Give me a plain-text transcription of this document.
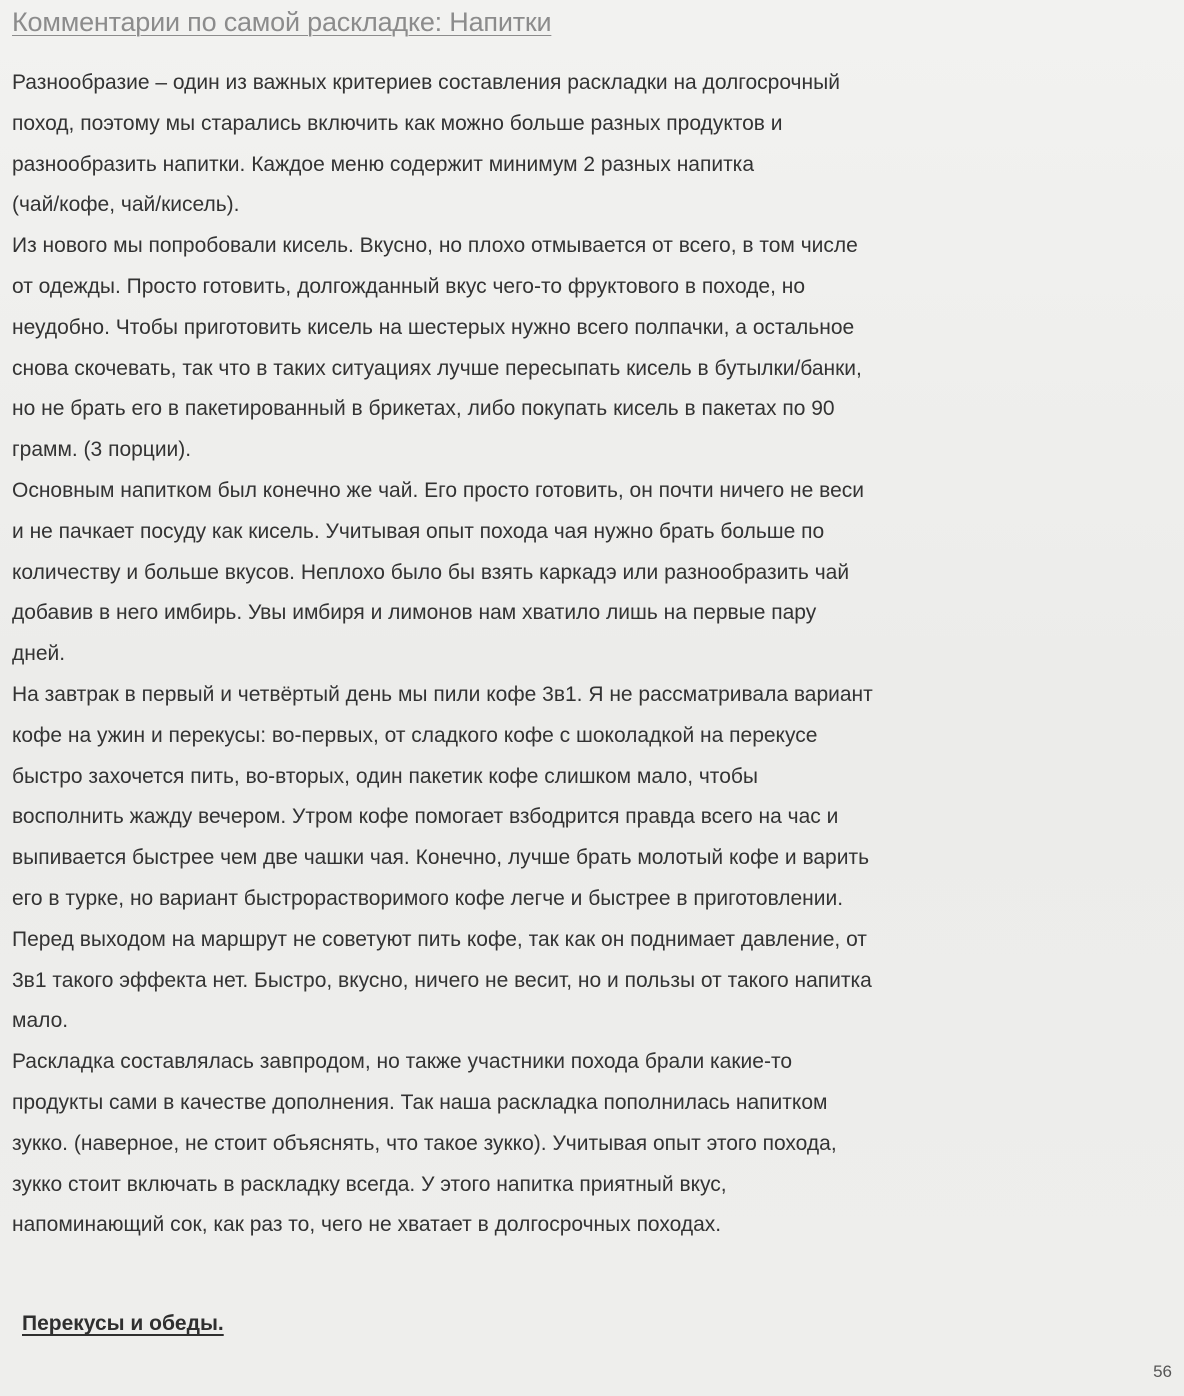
Комментарии по самой раскладке: Напитки

Разнообразие – один из важных критериев составления раскладки на долгосрочный
поход, поэтому мы старались включить как можно больше разных продуктов и
разнообразить напитки. Каждое меню содержит минимум 2 разных напитка
(чай/кофе, чай/кисель).

Из нового мы попробовали кисель. Вкусно, но плохо отмывается от всего, в том числе
от одежды. Просто готовить, долгожданный вкус чего-то фруктового в походе, но
неудобно. Чтобы приготовить кисель на шестерых нужно всего полпачки, а остальное
снова скочевать, так что в таких ситуациях лучше пересыпать кисель в бутылки/банки,
но не брать его в пакетированный в брикетах, либо покупать кисель в пакетах по 90
грамм. (3 порции).

Основным напитком был конечно же чай. Его просто готовить, он почти ничего не веси
и не пачкает посуду как кисель. Учитывая опыт похода чая нужно брать больше по
количеству и больше вкусов. Неплохо было бы взять каркадэ или разнообразить чай
добавив в него имбирь. Увы имбиря и лимонов нам хватило лишь на первые пару
дней.

На завтрак в первый и четвёртый день мы пили кофе 3в1. Я не рассматривала вариант
кофе на ужин и перекусы: во-первых, от сладкого кофе с шоколадкой на перекусе
быстро захочется пить, во-вторых, один пакетик кофе слишком мало, чтобы
восполнить жажду вечером. Утром кофе помогает взбодрится правда всего на час и
выпивается быстрее чем две чашки чая. Конечно, лучше брать молотый кофе и варить
его в турке, но вариант быстрорастворимого кофе легче и быстрее в приготовлении.
Перед выходом на маршрут не советуют пить кофе, так как он поднимает давление, от
3в1 такого эффекта нет. Быстро, вкусно, ничего не весит, но и пользы от такого напитка
мало.

Раскладка составлялась завпродом, но также участники похода брали какие-то
продукты сами в качестве дополнения. Так наша раскладка пополнилась напитком
зукко. (наверное, не стоит объяснять, что такое зукко). Учитывая опыт этого похода,
зукко стоит включать в раскладку всегда. У этого напитка приятный вкус,
напоминающий сок, как раз то, чего не хватает в долгосрочных походах.

Перекусы и обеды.
56
